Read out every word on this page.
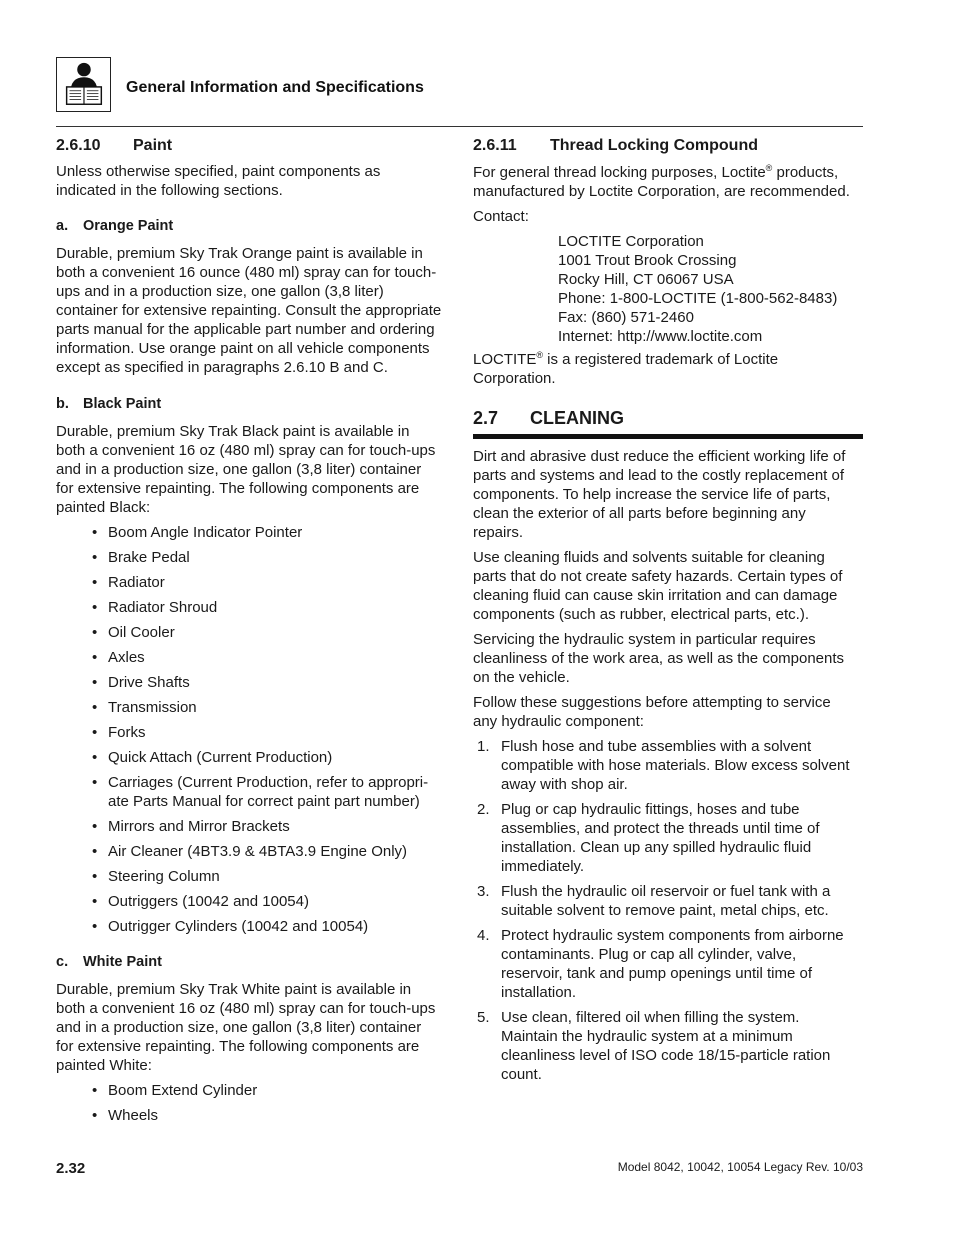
General Information and Specifications
2.6.10	Paint

Unless otherwise specified, paint components as indicated in the following sections.

a.	Orange Paint
Durable, premium Sky Trak Orange paint is available in
both a convenient 16 ounce (480 ml) spray can for touch-
ups and in a production size, one gallon (3,8 liter)
container for extensive repainting. Consult the appropriate
parts manual for the applicable part number and ordering
information. Use orange paint on all vehicle components
except as specified in paragraphs 2.6.10 B and C.
b. Black Paint
Durable, premium Sky Trak Black paint is available in
both a convenient 16 oz (480 ml) spray can for touch-ups
and in a production size, one gallon (3,8 liter) container
for extensive repainting. The following components are
painted Black:
• Boom Angle Indicator Pointer
• Brake Pedal
• Radiator
• Radiator Shroud
• Oil Cooler
• Axles
• Drive Shafts
• Transmission
• Forks
• Quick Attach (Current Production)
• Carriages (Current Production, refer to appropri-
ate Parts Manual for correct paint part number)
• Mirrors and Mirror Brackets
• Air Cleaner (4BT3.9 & 4BTA3.9 Engine Only)
• Steering Column
• Outriggers (10042 and 10054)
• Outrigger Cylinders (10042 and 10054)
c.	White Paint
Durable, premium Sky Trak White paint is available in
both a convenient 16 oz (480 ml) spray can for touch-ups
and in a production size, one gallon (3,8 liter) container
for extensive repainting. The following components are
painted White:
• Boom Extend Cylinder
• Wheels
2.6.11	Thread Locking Compound
For general thread locking purposes, Loctite® products,
manufactured by Loctite Corporation, are recommended.
Contact:
LOCTITE Corporation
1001 Trout Brook Crossing
Rocky Hill, CT 06067 USA
Phone: 1-800-LOCTITE (1-800-562-8483)
Fax: (860) 571-2460
Internet: http://www.loctite.com
LOCTITE® is a registered trademark of Loctite
Corporation.
2.7	CLEANING
Dirt and abrasive dust reduce the efficient working life of
parts and systems and lead to the costly replacement of
components. To help increase the service life of parts,
clean the exterior of all parts before beginning any
repairs.
Use cleaning fluids and solvents suitable for cleaning
parts that do not create safety hazards. Certain types of
cleaning fluid can cause skin irritation and can damage
components (such as rubber, electrical parts, etc.).
Servicing the hydraulic system in particular requires
cleanliness of the work area, as well as the components
on the vehicle.
Follow these suggestions before attempting to service
any hydraulic component:
1. Flush hose and tube assemblies with a solvent
compatible with hose materials. Blow excess solvent
away with shop air.
2. Plug or cap hydraulic fittings, hoses and tube
assemblies, and protect the threads until time of
installation. Clean up any spilled hydraulic fluid
immediately.
3. Flush the hydraulic oil reservoir or fuel tank with a
suitable solvent to remove paint, metal chips, etc.
4. Protect hydraulic system components from airborne
contaminants. Plug or cap all cylinder, valve,
reservoir, tank and pump openings until time of
installation.
5. Use clean, filtered oil when filling the system.
Maintain the hydraulic system at a minimum
cleanliness level of ISO code 18/15-particle ration
count.
2.32	Model 8042, 10042, 10054 Legacy Rev. 10/03
